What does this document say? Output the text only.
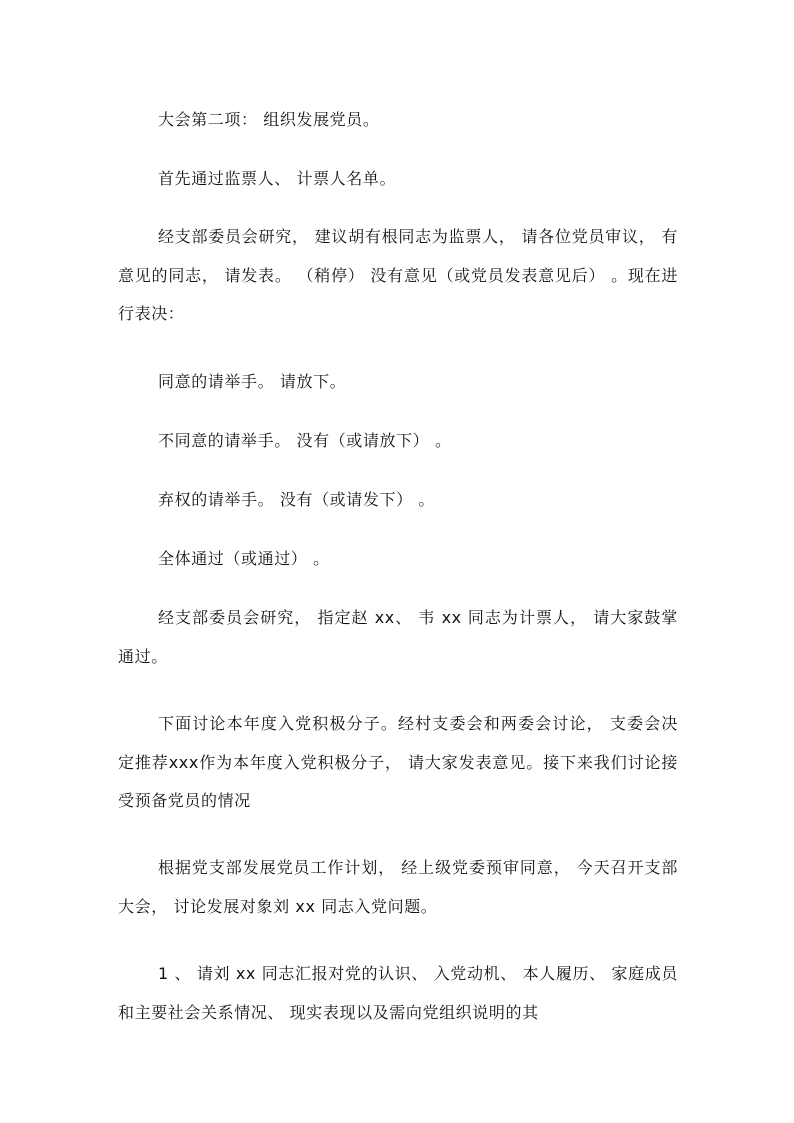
大会第二项： 组织发展党员。

首先通过监票人、 计票人名单。

经支部委员会研究， 建议胡有根同志为监票人， 请各位党员审议， 有意见的同志， 请发表。 （稍停） 没有意见（或党员发表意见后） 。现在进行表决：

同意的请举手。 请放下。

不同意的请举手。 没有（或请放下） 。

弃权的请举手。 没有（或请发下） 。

全体通过（或通过） 。

经支部委员会研究， 指定赵 xx、 韦 xx 同志为计票人， 请大家鼓掌通过。

下面讨论本年度入党积极分子。经村支委会和两委会讨论， 支委会决定推荐xxx作为本年度入党积极分子， 请大家发表意见。接下来我们讨论接受预备党员的情况

根据党支部发展党员工作计划， 经上级党委预审同意， 今天召开支部大会， 讨论发展对象刘 xx 同志入党问题。

1 、 请刘 xx 同志汇报对党的认识、 入党动机、 本人履历、 家庭成员和主要社会关系情况、 现实表现以及需向党组织说明的其
